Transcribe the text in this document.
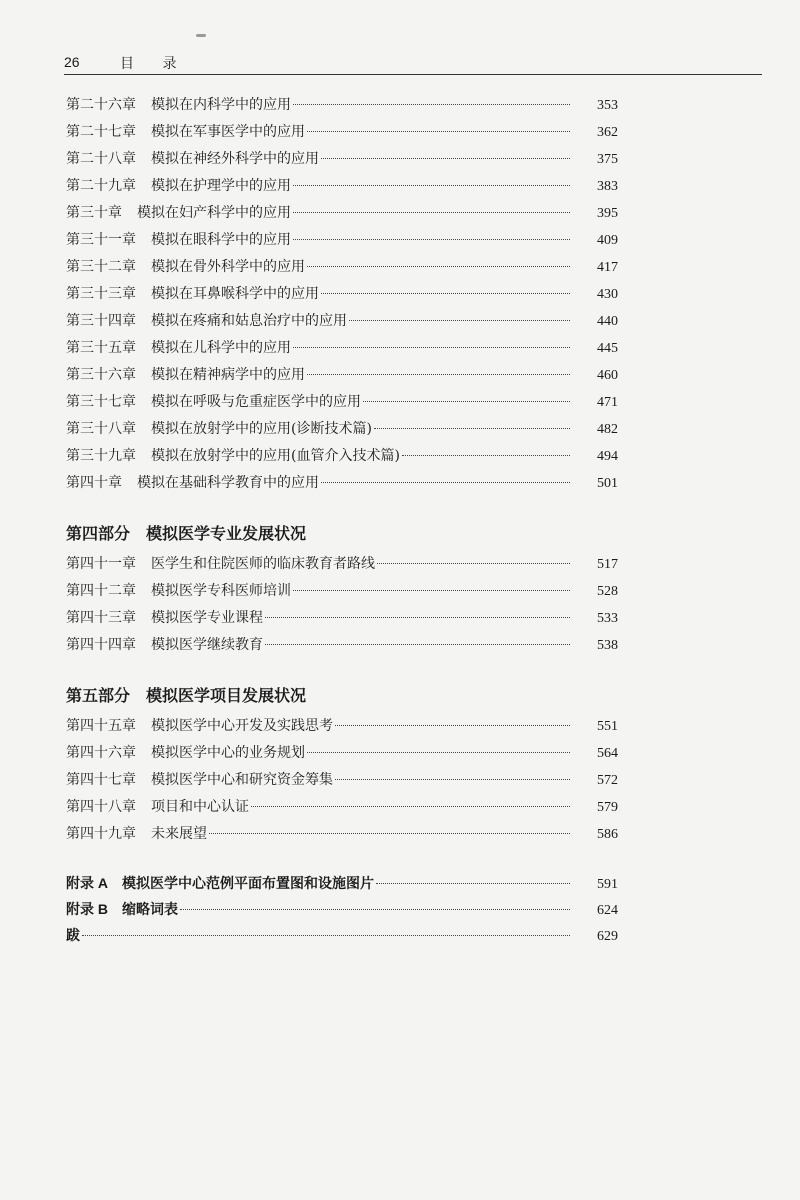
26	目 录
第二十六章 模拟在内科学中的应用	353
第二十七章 模拟在军事医学中的应用	362
第二十八章 模拟在神经外科学中的应用	375
第二十九章 模拟在护理学中的应用	383
第三十章 模拟在妇产科学中的应用	395
第三十一章 模拟在眼科学中的应用	409
第三十二章 模拟在骨外科学中的应用	417
第三十三章 模拟在耳鼻喉科学中的应用	430
第三十四章 模拟在疼痛和姑息治疗中的应用	440
第三十五章 模拟在儿科学中的应用	445
第三十六章 模拟在精神病学中的应用	460
第三十七章 模拟在呼吸与危重症医学中的应用	471
第三十八章 模拟在放射学中的应用(诊断技术篇)	482
第三十九章 模拟在放射学中的应用(血管介入技术篇)	494
第四十章 模拟在基础科学教育中的应用	501
第四部分 模拟医学专业发展状况
第四十一章 医学生和住院医师的临床教育者路线	517
第四十二章 模拟医学专科医师培训	528
第四十三章 模拟医学专业课程	533
第四十四章 模拟医学继续教育	538
第五部分 模拟医学项目发展状况
第四十五章 模拟医学中心开发及实践思考	551
第四十六章 模拟医学中心的业务规划	564
第四十七章 模拟医学中心和研究资金筹集	572
第四十八章 项目和中心认证	579
第四十九章 未来展望	586
附录 A 模拟医学中心范例平面布置图和设施图片	591
附录 B 缩略词表	624
跋	629
